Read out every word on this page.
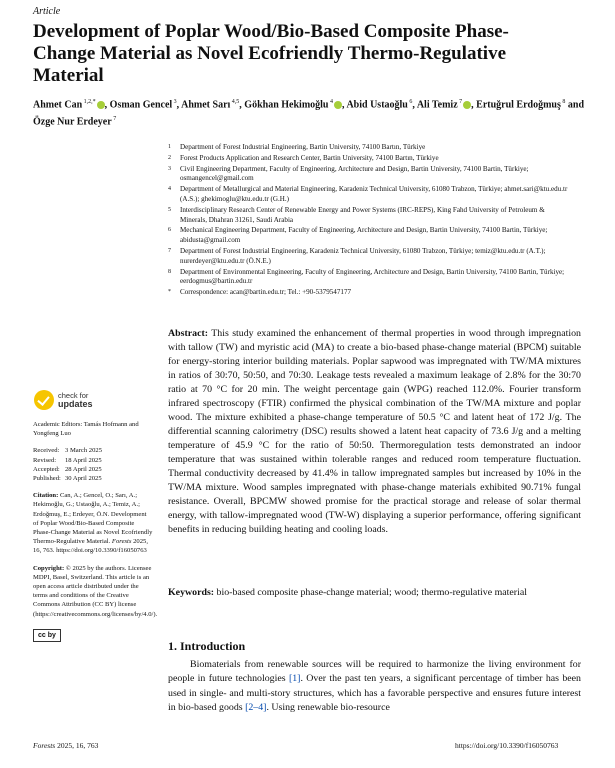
Article
Development of Poplar Wood/Bio-Based Composite Phase-Change Material as Novel Ecofriendly Thermo-Regulative Material
Ahmet Can $^{1,2,*}$ , Osman Gencel $^3$, Ahmet Sarı $^{4,5}$, Gökhan Hekimoğlu $^4$ , Abid Ustaoğlu $^6$, Ali Temiz $^7$ , Ertuğrul Erdoğmuş $^8$ and Özge Nur Erdeyer $^7$
1	Department of Forest Industrial Engineering, Bartin University, 74100 Bartın, Türkiye
2	Forest Products Application and Research Center, Bartin University, 74100 Bartın, Türkiye
3	Civil Engineering Department, Faculty of Engineering, Architecture and Design, Bartin University, 74100 Bartin, Türkiye; osmangencel@gmail.com
4	Department of Metallurgical and Material Engineering, Karadeniz Technical University, 61080 Trabzon, Türkiye; ahmet.sari@ktu.edu.tr (A.S.); ghekimoglu@ktu.edu.tr (G.H.)
5	Interdisciplinary Research Center of Renewable Energy and Power Systems (IRC-REPS), King Fahd University of Petroleum & Minerals, Dhahran 31261, Saudi Arabia
6	Mechanical Engineering Department, Faculty of Engineering, Architecture and Design, Bartin University, 74100 Bartin, Türkiye; abidusta@gmail.com
7	Department of Forest Industrial Engineering, Karadeniz Technical University, 61080 Trabzon, Türkiye; temiz@ktu.edu.tr (A.T.); nurerdeyer@ktu.edu.tr (Ö.N.E.)
8	Department of Environmental Engineering, Faculty of Engineering, Architecture and Design, Bartin University, 74100 Bartin, Türkiye; eerdogmus@bartin.edu.tr
*	Correspondence: acan@bartin.edu.tr; Tel.: +90-5379547177
Abstract: This study examined the enhancement of thermal properties in wood through impregnation with tallow (TW) and myristic acid (MA) to create a bio-based phase-change material (BPCM) suitable for energy-storing interior building materials. Poplar sapwood was impregnated with TW/MA mixtures in ratios of 30:70, 50:50, and 70:30. Leakage tests revealed a maximum leakage of 2.8% for the 30:70 ratio at 70 °C for 20 min. The weight percentage gain (WPG) reached 112.0%. Fourier transform infrared spectroscopy (FTIR) confirmed the physical combination of the TW/MA mixture and poplar wood. The mixture exhibited a phase-change temperature of 50.5 °C and latent heat of 172 J/g. The differential scanning calorimetry (DSC) results showed a latent heat capacity of 73.6 J/g and a melting temperature of 45.9 °C for the ratio of 50:50. Thermoregulation tests demonstrated an indoor temperature that was sustained within tolerable ranges and reduced room temperature fluctuation. Thermal conductivity decreased by 41.4% in tallow impregnated samples but increased by 10% in the TW/MA mixture. Wood samples impregnated with phase-change materials exhibited 90.71% fungal resistance. Overall, BPCMW showed promise for the practical storage and release of solar thermal energy, with tallow-impregnated wood (TW-W) displaying a superior performance, offering significant benefits in reducing building heating and cooling loads.
Keywords: bio-based composite phase-change material; wood; thermo-regulative material
check for
updates
Academic Editors: Tamás Hofmann and Yongfeng Luo
Received: 3 March 2025
Revised:	18 April 2025
Accepted: 28 April 2025
Published: 30 April 2025
Citation: Can, A.; Gencel, O.; Sarı, A.; Hekimoğlu, G.; Ustaoğlu, A.; Temiz, A.; Erdoğmuş, E.; Erdeyer, Ö.N. Development of Poplar Wood/Bio-Based Composite Phase-Change Material as Novel Ecofriendly Thermo-Regulative Material. Forests 2025, 16, 763. https://doi.org/10.3390/f16050763
Copyright: © 2025 by the authors. Licensee MDPI, Basel, Switzerland. This article is an open access article distributed under the terms and conditions of the Creative Commons Attribution (CC BY) license (https://creativecommons.org/licenses/by/4.0/).
cc by
1. Introduction
Biomaterials from renewable sources will be required to harmonize the living environment for people in future technologies [1]. Over the past ten years, a significant percentage of timber has been used in single- and multi-story structures, which has a favorable perspective and ensures future interest in bio-based goods [2–4]. Using renewable bio-resource
Forests 2025, 16, 763	https://doi.org/10.3390/f16050763
